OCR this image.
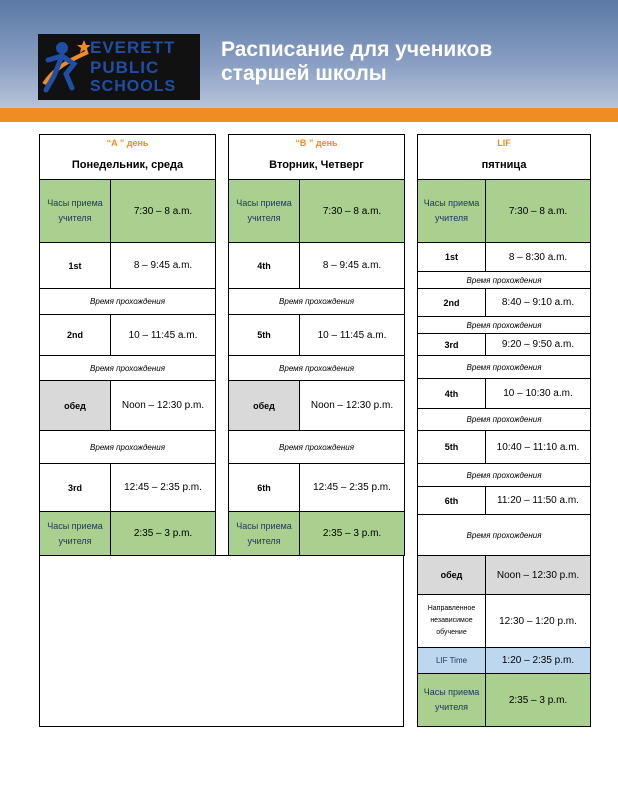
EVERETT
PUBLIC
SCHOOLS
Расписание для учеников
старшей школы
“A ” день	
Понедельник, среда	
Часы приема учителя	7:30 – 8 a.m.
1st	8 – 9:45 a.m.
Время прохождения	
2nd	10 – 11:45 a.m.
Время прохождения	
обед	Noon – 12:30 p.m.
Время прохождения	
3rd	12:45 – 2:35 p.m.
Часы приема учителя	2:35 – 3 p.m.
“B ” день	
Вторник, Четверг	
Часы приема учителя	7:30 – 8 a.m.
4th	8 – 9:45 a.m.
Время прохождения	
5th	10 – 11:45 a.m.
Время прохождения	
обед	Noon – 12:30 p.m.
Время прохождения	
6th	12:45 – 2:35 p.m.
Часы приема учителя	2:35 – 3 p.m.
LIF	
пятница	
Часы приема учителя	7:30 – 8 a.m.
1st	8 – 8:30 a.m.
Время прохождения	
2nd	8:40 – 9:10 a.m.
Время прохождения	
3rd	9:20 – 9:50 a.m.
Время прохождения	
4th	10 – 10:30 a.m.
Время прохождения	
5th	10:40 – 11:10 a.m.
Время прохождения	
6th	11:20 – 11:50 a.m.
Время прохождения	
обед	Noon – 12:30 p.m.
Направленное независимое обучение	12:30 – 1:20 p.m.
LIF Time	1:20 – 2:35 p.m.
Часы приема учителя	2:35 – 3 p.m.
